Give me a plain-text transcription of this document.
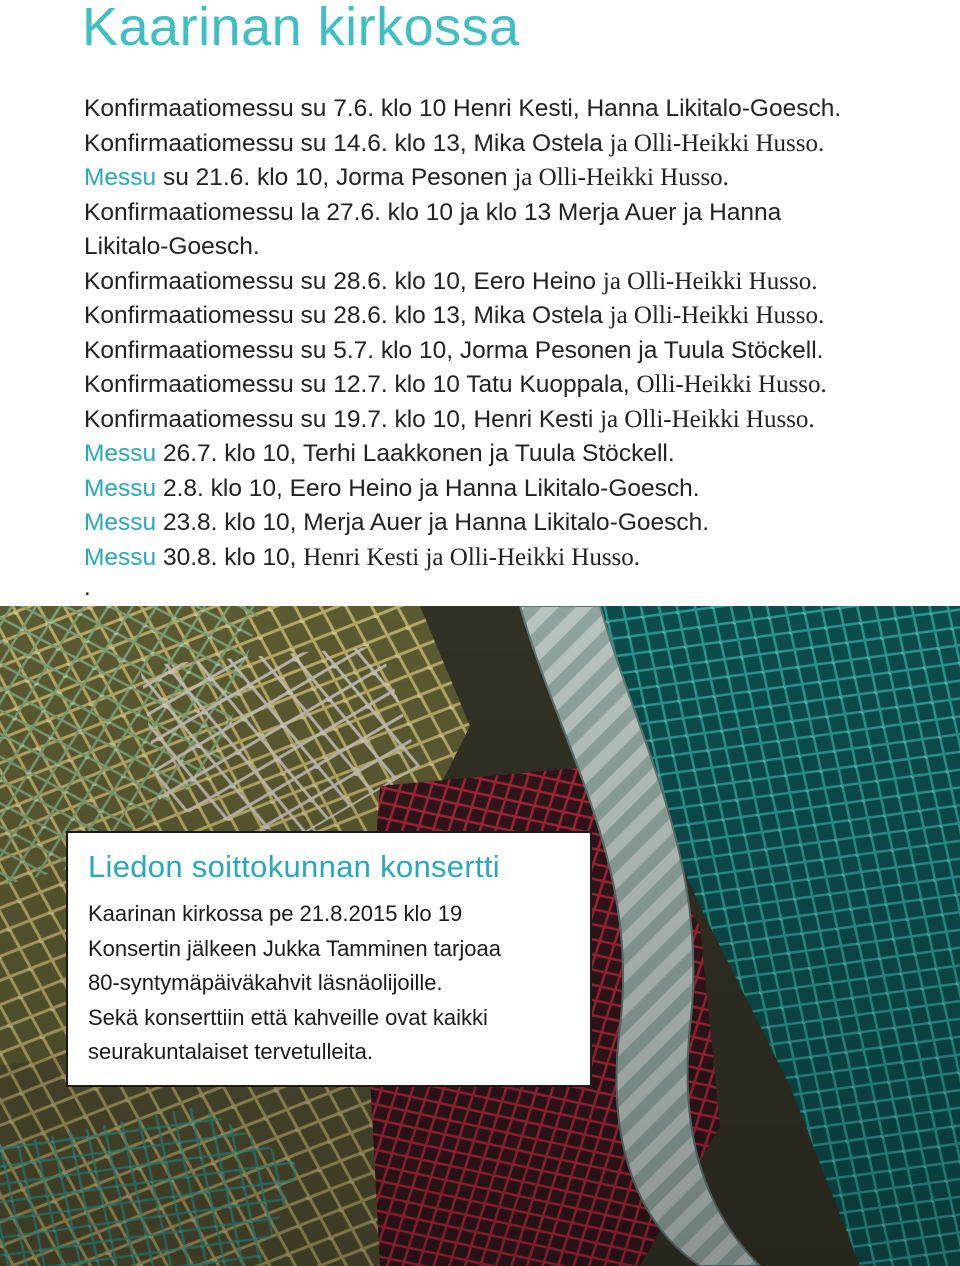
Kaarinan kirkossa
Konfirmaatiomessu su 7.6. klo 10 Henri Kesti, Hanna Likitalo-Goesch.
Konfirmaatiomessu su 14.6. klo 13, Mika Ostela ja Olli-Heikki Husso.
Messu su 21.6. klo 10, Jorma Pesonen ja Olli-Heikki Husso.
Konfirmaatiomessu la 27.6. klo 10 ja klo 13 Merja Auer ja Hanna
Likitalo-Goesch.
Konfirmaatiomessu su 28.6. klo 10, Eero Heino ja Olli-Heikki Husso.
Konfirmaatiomessu su 28.6. klo 13, Mika Ostela ja Olli-Heikki Husso.
Konfirmaatiomessu su 5.7. klo 10, Jorma Pesonen ja Tuula Stöckell.
Konfirmaatiomessu su 12.7. klo 10 Tatu Kuoppala, Olli-Heikki Husso.
Konfirmaatiomessu su 19.7. klo 10, Henri Kesti ja Olli-Heikki Husso.
Messu 26.7. klo 10, Terhi Laakkonen ja Tuula Stöckell.
Messu 2.8. klo 10, Eero Heino ja Hanna Likitalo-Goesch.
Messu 23.8. klo 10, Merja Auer ja Hanna Likitalo-Goesch.
Messu 30.8. klo 10, Henri Kesti ja Olli-Heikki Husso.
.
Liedon soittokunnan konsertti
Kaarinan kirkossa pe 21.8.2015 klo 19
Konsertin jälkeen Jukka Tamminen tarjoaa
80-syntymäpäiväkahvit läsnäolijoille.
Sekä konserttiin että kahveille ovat kaikki
seurakuntalaiset tervetulleita.
